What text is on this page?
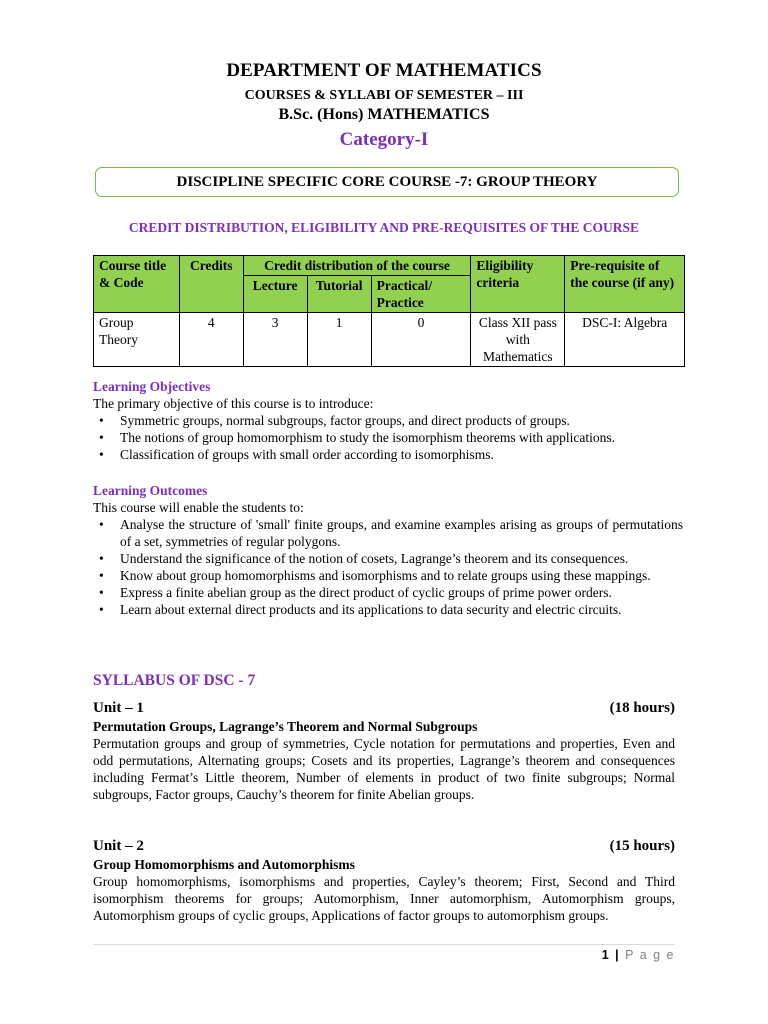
DEPARTMENT OF MATHEMATICS
COURSES & SYLLABI OF SEMESTER – III
B.Sc. (Hons) MATHEMATICS
Category-I
DISCIPLINE SPECIFIC CORE COURSE -7: GROUP THEORY
CREDIT DISTRIBUTION, ELIGIBILITY AND PRE-REQUISITES OF THE COURSE
Course title & Code	Credits	Credit distribution of the course			Eligibility criteria	Pre-requisite of the course (if any)
		Lecture	Tutorial	Practical/ Practice		
Group Theory	4	3	1	0	Class XII pass with Mathematics	DSC-I: Algebra
Learning Objectives
The primary objective of this course is to introduce:
• Symmetric groups, normal subgroups, factor groups, and direct products of groups.
• The notions of group homomorphism to study the isomorphism theorems with applications.
• Classification of groups with small order according to isomorphisms.
Learning Outcomes
This course will enable the students to:
• Analyse the structure of 'small' finite groups, and examine examples arising as groups of permutations of a set, symmetries of regular polygons.
• Understand the significance of the notion of cosets, Lagrange’s theorem and its consequences.
• Know about group homomorphisms and isomorphisms and to relate groups using these mappings.
• Express a finite abelian group as the direct product of cyclic groups of prime power orders.
• Learn about external direct products and its applications to data security and electric circuits.
SYLLABUS OF DSC - 7
Unit – 1	(18 hours)
Permutation Groups, Lagrange’s Theorem and Normal Subgroups
Permutation groups and group of symmetries, Cycle notation for permutations and properties, Even and odd permutations, Alternating groups; Cosets and its properties, Lagrange’s theorem and consequences including Fermat’s Little theorem, Number of elements in product of two finite subgroups; Normal subgroups, Factor groups, Cauchy’s theorem for finite Abelian groups.
Unit – 2	(15 hours)
Group Homomorphisms and Automorphisms
Group homomorphisms, isomorphisms and properties, Cayley’s theorem; First, Second and Third isomorphism theorems for groups; Automorphism, Inner automorphism, Automorphism groups, Automorphism groups of cyclic groups, Applications of factor groups to automorphism groups.
1 | P a g e
